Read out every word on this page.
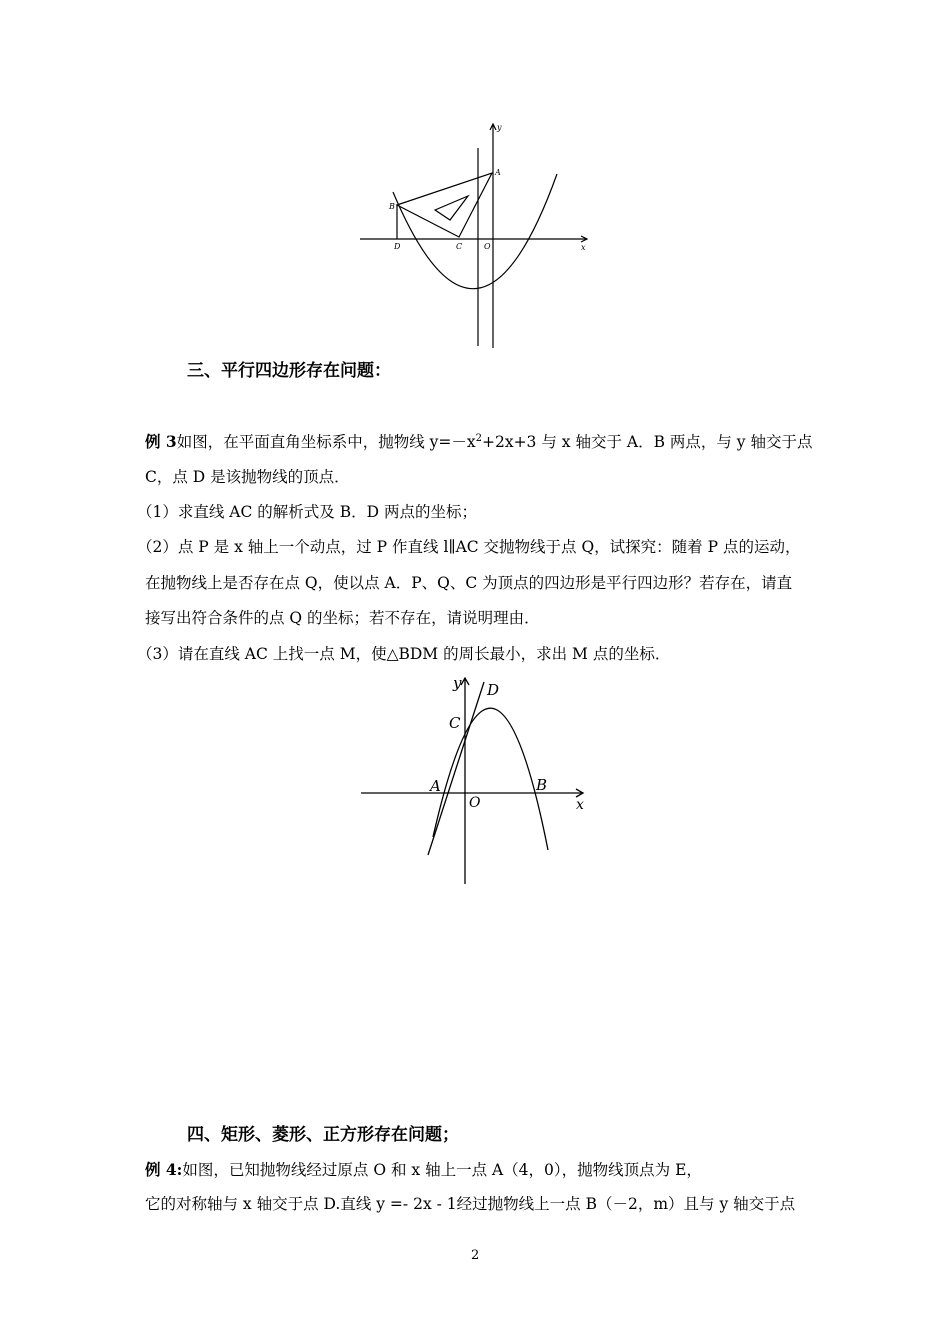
y
x
A
B
C
D	O
三、平行四边形存在问题：
例 3如图，在平面直角坐标系中，抛物线 $y=-x^2+2x+3$ 与 x 轴交于 A．B 两点，与 y 轴交于点
C，点 D 是该抛物线的顶点．
（1）求直线 AC 的解析式及 B．D 两点的坐标；
（2）点 P 是 x 轴上一个动点，过 P 作直线 l∥AC 交抛物线于点 Q，试探究：随着 P 点的运动，
在抛物线上是否存在点 Q，使以点 A．P、Q、C 为顶点的四边形是平行四边形？若存在，请直
接写出符合条件的点 Q 的坐标；若不存在，请说明理由．
（3）请在直线 AC 上找一点 M，使△BDM 的周长最小，求出 M 点的坐标．
y D
C
A	B
O	x
四、矩形、菱形、正方形存在问题；
例 4:如图，已知抛物线经过原点 O 和 x 轴上一点 A（4，0），抛物线顶点为 E，
它的对称轴与 x 轴交于点 D.直线 y =- 2x - 1经过抛物线上一点 B（－2，m）且与 y 轴交于点
2
